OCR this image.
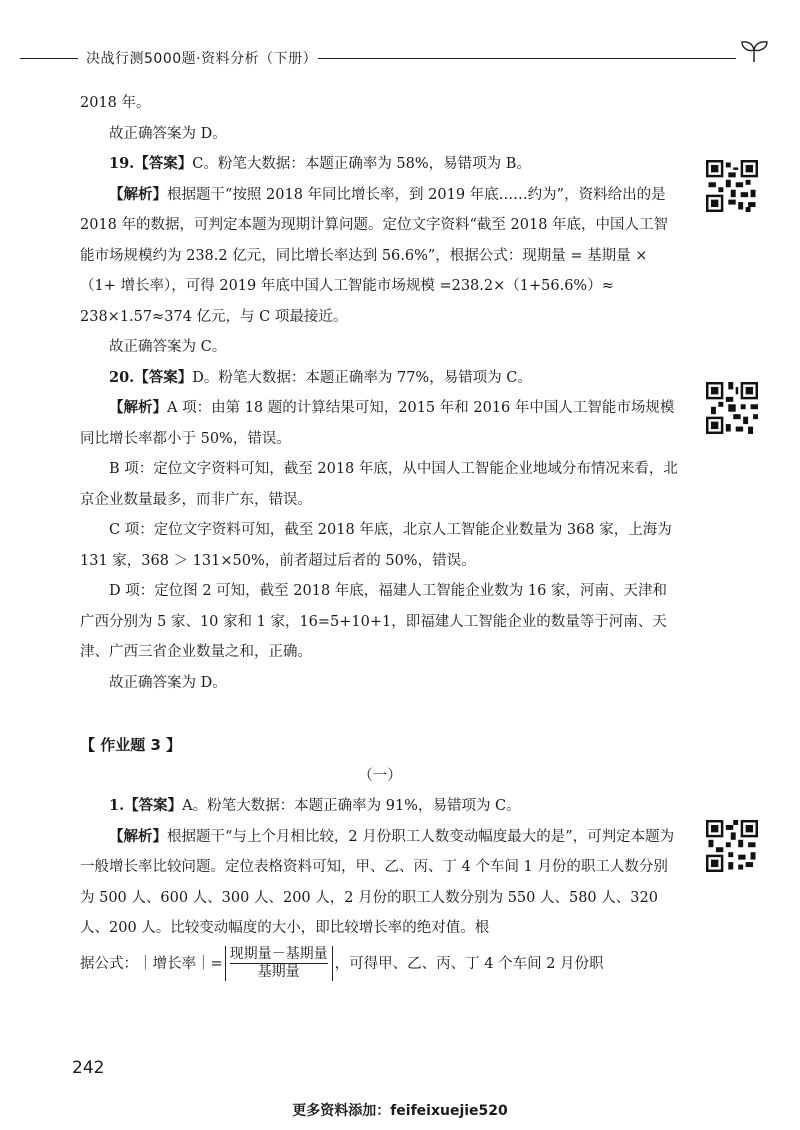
决战行测5000题·资料分析（下册）

2018 年。

故正确答案为 D。

19.【答案】C。粉笔大数据：本题正确率为 58%，易错项为 B。

【解析】根据题干“按照 2018 年同比增长率，到 2019 年底……约为”，资料给出的是 2018 年的数据，可判定本题为现期计算问题。定位文字资料“截至 2018 年底，中国人工智能市场规模约为 238.2 亿元，同比增长率达到 56.6%”，根据公式：现期量 = 基期量 ×（1+ 增长率），可得 2019 年底中国人工智能市场规模 =238.2×（1+56.6%）≈ 238×1.57≈374 亿元，与 C 项最接近。

故正确答案为 C。

20.【答案】D。粉笔大数据：本题正确率为 77%，易错项为 C。

【解析】A 项：由第 18 题的计算结果可知，2015 年和 2016 年中国人工智能市场规模同比增长率都小于 50%，错误。

B 项：定位文字资料可知，截至 2018 年底，从中国人工智能企业地域分布情况来看，北京企业数量最多，而非广东，错误。

C 项：定位文字资料可知，截至 2018 年底，北京人工智能企业数量为 368 家，上海为 131 家，368 ＞ 131×50%，前者超过后者的 50%，错误。

D 项：定位图 2 可知，截至 2018 年底，福建人工智能企业数为 16 家，河南、天津和广西分别为 5 家、10 家和 1 家，16=5+10+1，即福建人工智能企业的数量等于河南、天津、广西三省企业数量之和，正确。

故正确答案为 D。

【 作业题 3 】

（一）

1.【答案】A。粉笔大数据：本题正确率为 91%，易错项为 C。

【解析】根据题干“与上个月相比较，2 月份职工人数变动幅度最大的是”，可判定本题为一般增长率比较问题。定位表格资料可知，甲、乙、丙、丁 4 个车间 1 月份的职工人数分别为 500 人、600 人、300 人、200 人，2 月份的职工人数分别为 550 人、580 人、320 人、200 人。比较变动幅度的大小，即比较增长率的绝对值。根

据公式：｜增长率｜= $\frac{\text{现期量－基期量}}{\text{基期量}}$ ，可得甲、乙、丙、丁 4 个车间 2 月份职

242
更多资料添加：feifeixuejie520
